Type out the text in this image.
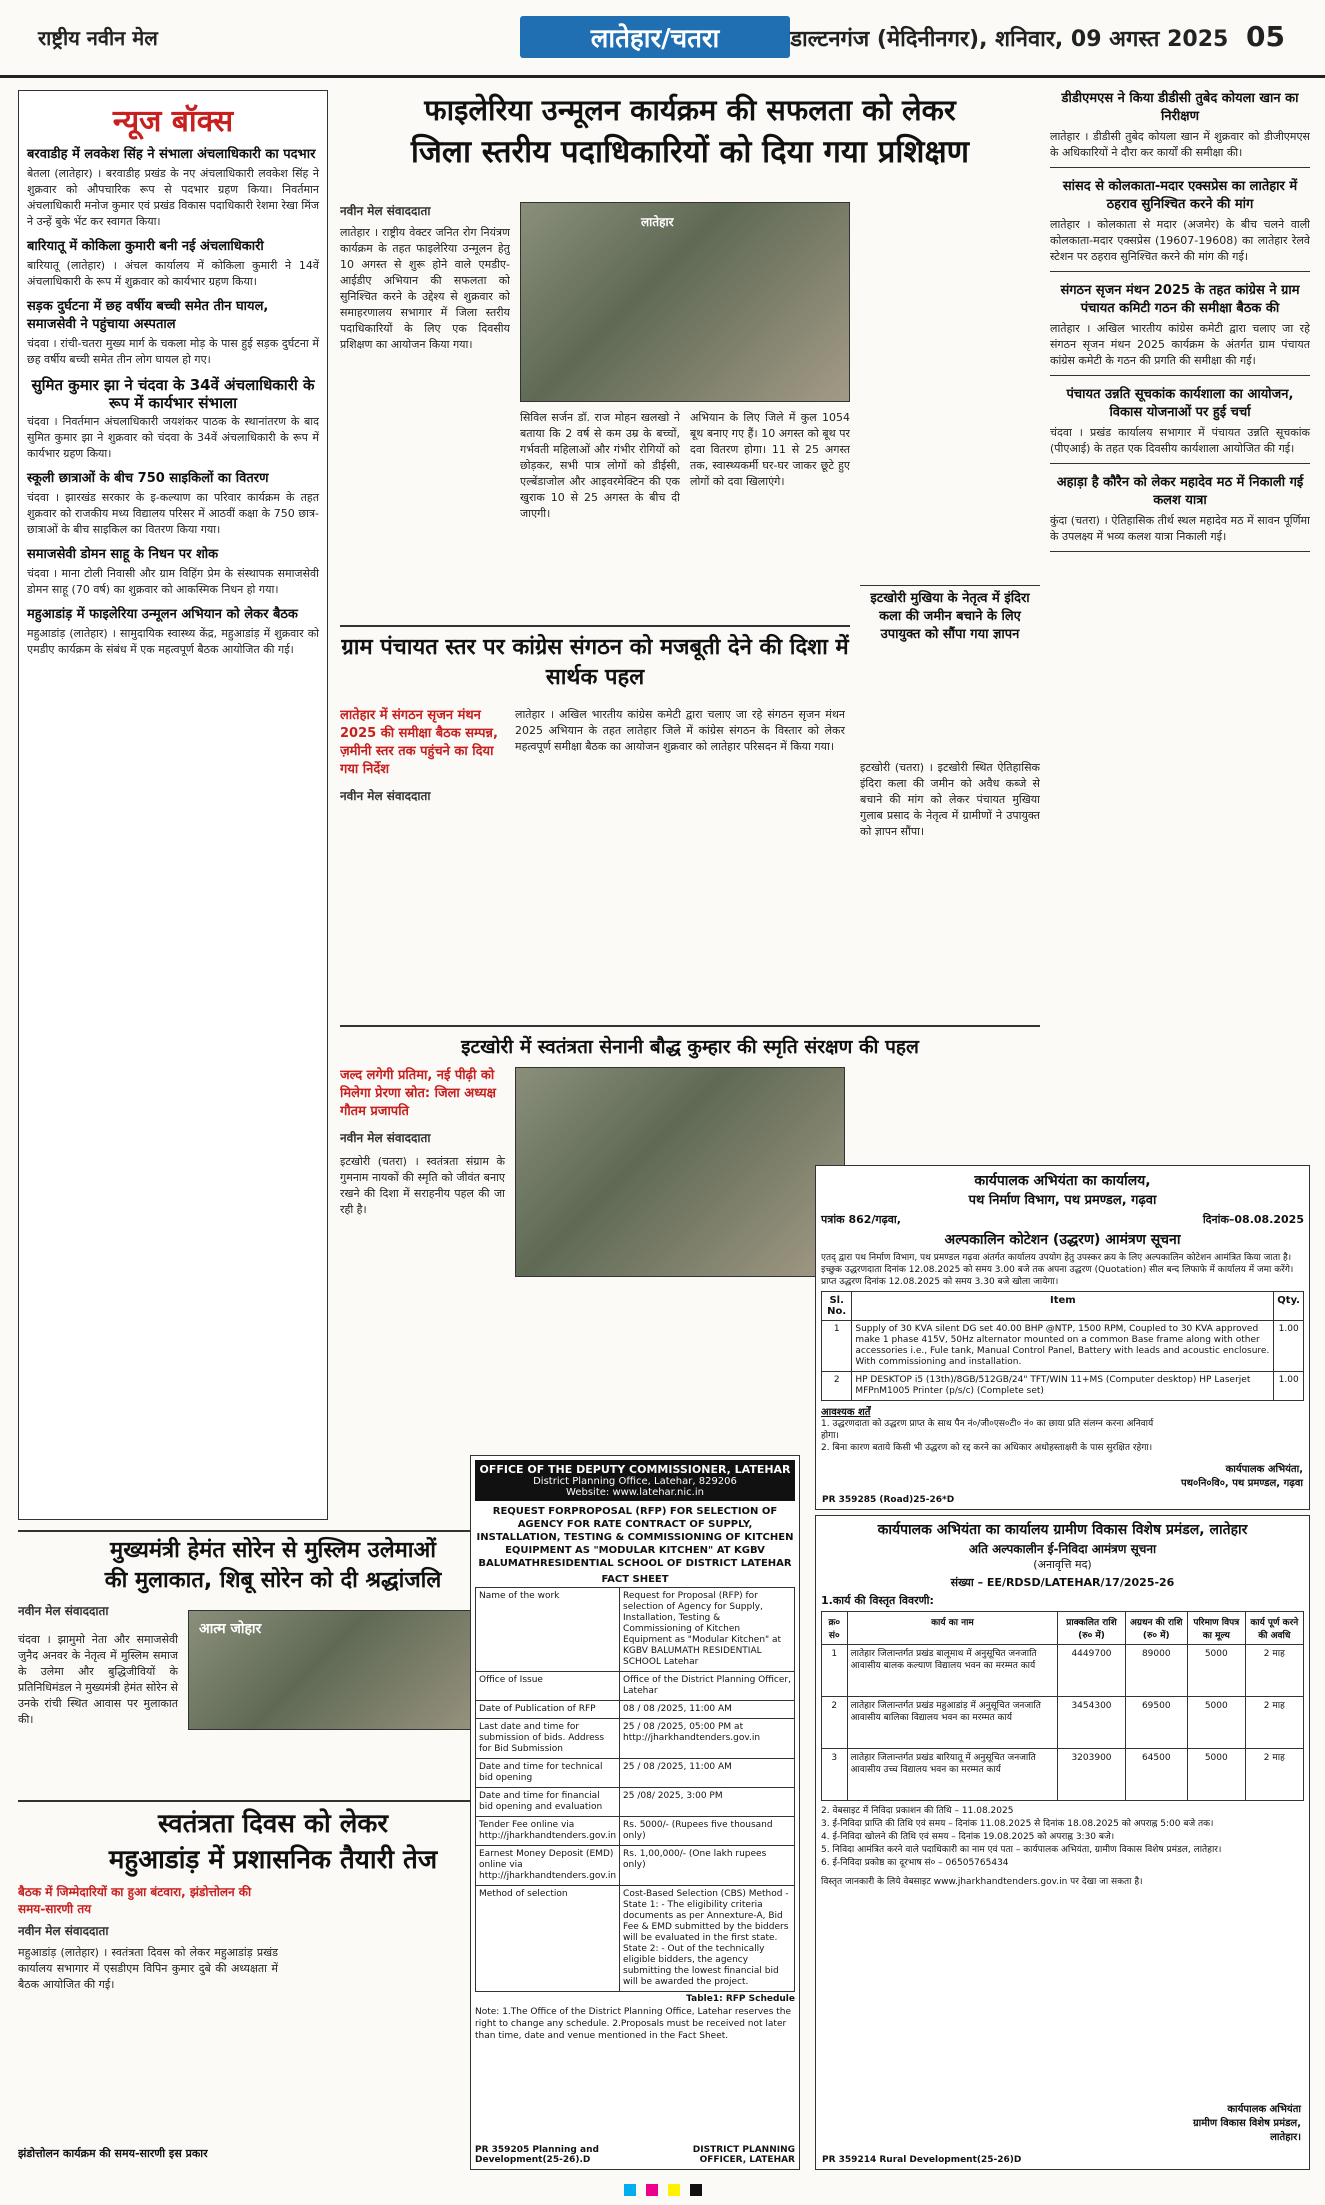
राष्ट्रीय नवीन मेल	लातेहार/चतरा	डाल्टनगंज (मेदिनीनगर), शनिवार, 09 अगस्त 2025 05
न्यूज बॉक्स
बरवाडीह में लवकेश सिंह ने संभाला अंचलाधिकारी का पदभार
बेतला (लातेहार) । बरवाडीह प्रखंड के नए अंचलाधिकारी लवकेश सिंह ने शुक्रवार को औपचारिक रूप से पदभार ग्रहण किया। निवर्तमान अंचलाधिकारी मनोज कुमार एवं प्रखंड विकास पदाधिकारी रेशमा रेखा मिंज ने उन्हें बुके भेंट कर स्वागत किया।
बारियातू में कोकिला कुमारी बनी नई अंचलाधिकारी
बारियातू (लातेहार) । अंचल कार्यालय में कोकिला कुमारी ने 14वें अंचलाधिकारी के रूप में शुक्रवार को कार्यभार ग्रहण किया।
सड़क दुर्घटना में छह वर्षीय बच्ची समेत तीन घायल, समाजसेवी ने पहुंचाया अस्पताल
चंदवा । रांची-चतरा मुख्य मार्ग के चकला मोड़ के पास हुई सड़क दुर्घटना में छह वर्षीय बच्ची समेत तीन लोग घायल हो गए।
सुमित कुमार झा ने चंदवा के 34वें अंचलाधिकारी के रूप में कार्यभार संभाला
चंदवा । निवर्तमान अंचलाधिकारी जयशंकर पाठक के स्थानांतरण के बाद सुमित कुमार झा ने शुक्रवार को चंदवा के 34वें अंचलाधिकारी के रूप में कार्यभार ग्रहण किया।
स्कूली छात्राओं के बीच 750 साइकिलों का वितरण
चंदवा । झारखंड सरकार के इ-कल्याण का परिवार कार्यक्रम के तहत शुक्रवार को राजकीय मध्य विद्यालय परिसर में आठवीं कक्षा के 750 छात्र-छात्राओं के बीच साइकिल का वितरण किया गया।
समाजसेवी डोमन साहू के निधन पर शोक
चंदवा । माना टोली निवासी और ग्राम विहिंग प्रेम के संस्थापक समाजसेवी डोमन साहू (70 वर्ष) का शुक्रवार को आकस्मिक निधन हो गया।
महुआडांड़ में फाइलेरिया उन्मूलन अभियान को लेकर बैठक
महुआडांड़ (लातेहार) । सामुदायिक स्वास्थ्य केंद्र, महुआडांड़ में शुक्रवार को एमडीए कार्यक्रम के संबंध में एक महत्वपूर्ण बैठक आयोजित की गई।
फाइलेरिया उन्मूलन कार्यक्रम की सफलता को लेकर
जिला स्तरीय पदाधिकारियों को दिया गया प्रशिक्षण
नवीन मेल संवाददाता
लातेहार । राष्ट्रीय वेक्टर जनित रोग नियंत्रण कार्यक्रम के तहत फाइलेरिया उन्मूलन हेतु 10 अगस्त से शुरू होने वाले एमडीए-आईडीए अभियान की सफलता को सुनिश्चित करने के उद्देश्य से शुक्रवार को समाहरणालय सभागार में जिला स्तरीय पदाधिकारियों के लिए एक दिवसीय प्रशिक्षण का आयोजन किया गया।
लातेहार
सिविल सर्जन डॉ. राज मोहन खलखो ने बताया कि 2 वर्ष से कम उम्र के बच्चों, गर्भवती महिलाओं और गंभीर रोगियों को छोड़कर, सभी पात्र लोगों को डीईसी, एल्बेंडाजोल और आइवरमेक्टिन की एक खुराक 10 से 25 अगस्त के बीच दी जाएगी।
अभियान के लिए जिले में कुल 1054 बूथ बनाए गए हैं। 10 अगस्त को बूथ पर दवा वितरण होगा। 11 से 25 अगस्त तक, स्वास्थ्यकर्मी घर-घर जाकर छूटे हुए लोगों को दवा खिलाएंगे।
इटखोरी मुखिया के नेतृत्व में इंदिरा कला की जमीन बचाने के लिए उपायुक्त को सौंपा गया ज्ञापन
इटखोरी (चतरा) । इटखोरी स्थित ऐतिहासिक इंदिरा कला की जमीन को अवैध कब्जे से बचाने की मांग को लेकर पंचायत मुखिया गुलाब प्रसाद के नेतृत्व में ग्रामीणों ने उपायुक्त को ज्ञापन सौंपा।
ग्राम पंचायत स्तर पर कांग्रेस संगठन को मजबूती देने की दिशा में सार्थक पहल
लातेहार में संगठन सृजन मंथन 2025 की समीक्षा बैठक सम्पन्न,
ज़मीनी स्तर तक पहुंचने का दिया गया निर्देश
नवीन मेल संवाददाता
लातेहार । अखिल भारतीय कांग्रेस कमेटी द्वारा चलाए जा रहे संगठन सृजन मंथन 2025 अभियान के तहत लातेहार जिले में कांग्रेस संगठन के विस्तार को लेकर महत्वपूर्ण समीक्षा बैठक का आयोजन शुक्रवार को लातेहार परिसदन में किया गया।
इटखोरी में स्वतंत्रता सेनानी बौद्ध कुम्हार की स्मृति संरक्षण की पहल
जल्द लगेगी प्रतिमा, नई पीढ़ी को मिलेगा प्रेरणा स्रोत: जिला अध्यक्ष गौतम प्रजापति
नवीन मेल संवाददाता
इटखोरी (चतरा) । स्वतंत्रता संग्राम के गुमनाम नायकों की स्मृति को जीवंत बनाए रखने की दिशा में सराहनीय पहल की जा रही है।
मुख्यमंत्री हेमंत सोरेन से मुस्लिम उलेमाओं
की मुलाकात, शिबू सोरेन को दी श्रद्धांजलि
नवीन मेल संवाददाता
चंदवा । झामुमो नेता और समाजसेवी जुनैद अनवर के नेतृत्व में मुस्लिम समाज के उलेमा और बुद्धिजीवियों के प्रतिनिधिमंडल ने मुख्यमंत्री हेमंत सोरेन से उनके रांची स्थित आवास पर मुलाकात की।
आत्म जोहार
स्वतंत्रता दिवस को लेकर
महुआडांड़ में प्रशासनिक तैयारी तेज
बैठक में जिम्मेदारियों का हुआ बंटवारा, झंडोत्तोलन की समय-सारणी तय
नवीन मेल संवाददाता
महुआडांड़ (लातेहार) । स्वतंत्रता दिवस को लेकर महुआडांड़ प्रखंड कार्यालय सभागार में एसडीएम विपिन कुमार दुबे की अध्यक्षता में बैठक आयोजित की गई।
झंडोत्तोलन कार्यक्रम की समय-सारणी इस प्रकार
OFFICE OF THE DEPUTY COMMISSIONER, LATEHAR
District Planning Office, Latehar, 829206
Website: www.latehar.nic.in
REQUEST FORPROPOSAL (RFP) FOR SELECTION OF AGENCY FOR RATE CONTRACT OF SUPPLY, INSTALLATION, TESTING & COMMISSIONING OF KITCHEN EQUIPMENT AS "MODULAR KITCHEN" AT KGBV BALUMATHRESIDENTIAL SCHOOL OF DISTRICT LATEHAR
FACT SHEET
Name of the work	Request for Proposal (RFP) for selection of Agency for Supply, Installation, Testing & Commissioning of Kitchen Equipment as "Modular Kitchen" at KGBV BALUMATH RESIDENTIAL SCHOOL Latehar
Office of Issue	Office of the District Planning Officer, Latehar
Date of Publication of RFP	08 / 08 /2025, 11:00 AM
Last date and time for submission of bids. Address for Bid Submission	25 / 08 /2025, 05:00 PM at http://jharkhandtenders.gov.in
Date and time for technical bid opening	25 / 08 /2025, 11:00 AM
Date and time for financial bid opening and evaluation	25 /08/ 2025, 3:00 PM
Tender Fee online via http://jharkhandtenders.gov.in	Rs. 5000/- (Rupees five thousand only)
Earnest Money Deposit (EMD) online via http://jharkhandtenders.gov.in	Rs. 1,00,000/- (One lakh rupees only)
Method of selection	Cost-Based Selection (CBS) Method - State 1: - The eligibility criteria documents as per Annexture-A, Bid Fee & EMD submitted by the bidders will be evaluated in the first state. State 2: - Out of the technically eligible bidders, the agency submitting the lowest financial bid will be awarded the project.
Table1: RFP Schedule
Note: 1.The Office of the District Planning Office, Latehar reserves the right to change any schedule. 2.Proposals must be received not later than time, date and venue mentioned in the Fact Sheet.
PR 359205 Planning and Development(25-26).D
DISTRICT PLANNING OFFICER, LATEHAR
डीडीएमएस ने किया डीडीसी तुबेद कोयला खान का निरीक्षण
लातेहार । डीडीसी तुबेद कोयला खान में शुक्रवार को डीजीएमएस के अधिकारियों ने दौरा कर कार्यों की समीक्षा की।
सांसद से कोलकाता-मदार एक्सप्रेस का लातेहार में ठहराव सुनिश्चित करने की मांग
लातेहार । कोलकाता से मदार (अजमेर) के बीच चलने वाली कोलकाता-मदार एक्सप्रेस (19607-19608) का लातेहार रेलवे स्टेशन पर ठहराव सुनिश्चित करने की मांग की गई।
संगठन सृजन मंथन 2025 के तहत कांग्रेस ने ग्राम पंचायत कमिटी गठन की समीक्षा बैठक की
लातेहार । अखिल भारतीय कांग्रेस कमेटी द्वारा चलाए जा रहे संगठन सृजन मंथन 2025 कार्यक्रम के अंतर्गत ग्राम पंचायत कांग्रेस कमेटी के गठन की प्रगति की समीक्षा की गई।
पंचायत उन्नति सूचकांक कार्यशाला का आयोजन, विकास योजनाओं पर हुई चर्चा
चंदवा । प्रखंड कार्यालय सभागार में पंचायत उन्नति सूचकांक (पीएआई) के तहत एक दिवसीय कार्यशाला आयोजित की गई।
अहाड़ा है कौरैन को लेकर महादेव मठ में निकाली गई कलश यात्रा
कुंदा (चतरा) । ऐतिहासिक तीर्थ स्थल महादेव मठ में सावन पूर्णिमा के उपलक्ष्य में भव्य कलश यात्रा निकाली गई।
कार्यपालक अभियंता का कार्यालय,
पथ निर्माण विभाग, पथ प्रमण्डल, गढ़वा
पत्रांक 862/गढ़वा,	दिनांक–08.08.2025
अल्पकालिन कोटेशन (उद्धरण) आमंत्रण सूचना
एतद् द्वारा पथ निर्माण विभाग, पथ प्रमण्डल गढ़वा अंतर्गत कार्यालय उपयोग हेतु उपस्कर क्रय के लिए अल्पकालिन कोटेशन आमंत्रित किया जाता है। इच्छुक उद्धरणदाता दिनांक 12.08.2025 को समय 3.00 बजे तक अपना उद्धरण (Quotation) सील बन्द लिफाफे में कार्यालय में जमा करेंगे। प्राप्त उद्धरण दिनांक 12.08.2025 को समय 3.30 बजे खोला जायेगा।
Sl. No.	Item	Qty.
1	Supply of 30 KVA silent DG set 40.00 BHP @NTP, 1500 RPM, Coupled to 30 KVA approved make 1 phase 415V, 50Hz alternator mounted on a common Base frame along with other accessories i.e., Fule tank, Manual Control Panel, Battery with leads and acoustic enclosure. With commissioning and installation.	1.00
2	HP DESKTOP i5 (13th)/8GB/512GB/24" TFT/WIN 11+MS (Computer desktop) HP Laserjet MFPnM1005 Printer (p/s/c) (Complete set)	1.00
आवश्यक शर्तें
1. उद्धरणदाता को उद्धरण प्राप्त के साथ पैन नं०/जी०एस०टी० नं० का छाया प्रति संलग्न करना अनिवार्य होगा।
2. बिना कारण बताये किसी भी उद्धरण को रद्द करने का अधिकार अधोहस्ताक्षरी के पास सुरक्षित रहेगा।
कार्यपालक अभियंता,
पथ०नि०वि०, पथ प्रमण्डल, गढ़वा
PR 359285 (Road)25-26*D
कार्यपालक अभियंता का कार्यालय ग्रामीण विकास विशेष प्रमंडल, लातेहार
अति अल्पकालीन ई-निविदा आमंत्रण सूचना
(अनावृत्ति मद)
संख्या – EE/RDSD/LATEHAR/17/2025-26
1.कार्य की विस्तृत विवरणी:
क्र० सं०	कार्य का नाम	प्राक्कलित राशि (रु० में)	अग्रधन की राशि (रु० में)	परिमाण विपत्र का मूल्य	कार्य पूर्ण करने की अवधि
1	लातेहार जिलान्तर्गत प्रखंड बालूमाथ में अनुसूचित जनजाति आवासीय बालक कल्याण विद्यालय भवन का मरम्मत कार्य	4449700	89000	5000	2 माह
2	लातेहार जिलान्तर्गत प्रखंड महुआडांड़ में अनुसूचित जनजाति आवासीय बालिका विद्यालय भवन का मरम्मत कार्य	3454300	69500	5000	2 माह
3	लातेहार जिलान्तर्गत प्रखंड बारियातू में अनुसूचित जनजाति आवासीय उच्च विद्यालय भवन का मरम्मत कार्य	3203900	64500	5000	2 माह
2. वेबसाइट में निविदा प्रकाशन की तिथि – 11.08.2025
3. ई-निविदा प्राप्ति की तिथि एवं समय – दिनांक 11.08.2025 से दिनांक 18.08.2025 को अपराह्न 5:00 बजे तक।
4. ई-निविदा खोलने की तिथि एवं समय – दिनांक 19.08.2025 को अपराह्न 3:30 बजे।
5. निविदा आमंत्रित करने वाले पदाधिकारी का नाम एवं पता – कार्यपालक अभियंता, ग्रामीण विकास विशेष प्रमंडल, लातेहार।
6. ई-निविदा प्रकोष्ठ का दूरभाष सं० – 06505765434
विस्तृत जानकारी के लिये वेबसाइट www.jharkhandtenders.gov.in पर देखा जा सकता है।
कार्यपालक अभियंता
ग्रामीण विकास विशेष प्रमंडल,
लातेहार।
PR 359214 Rural Development(25-26)D
